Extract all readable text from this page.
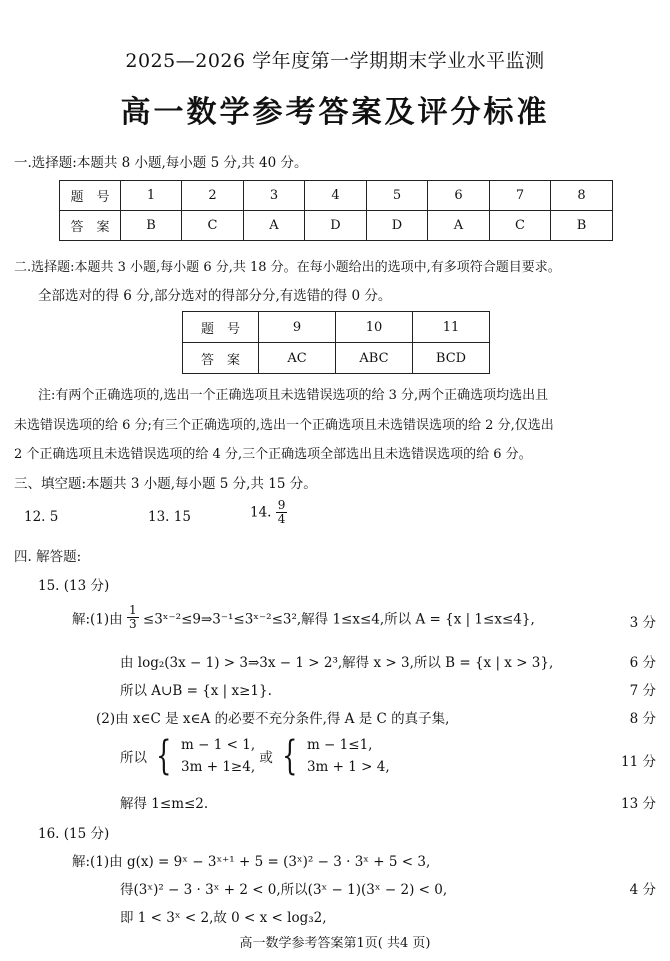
2025—2026 学年度第一学期期末学业水平监测
高一数学参考答案及评分标准
一.选择题:本题共 8 小题,每小题 5 分,共 40 分。
题　号	1	2	3	4	5	6	7	8
答　案	B	C	A	D	D	A	C	B
二.选择题:本题共 3 小题,每小题 6 分,共 18 分。在每小题给出的选项中,有多项符合题目要求。
全部选对的得 6 分,部分选对的得部分分,有选错的得 0 分。
题　号	9	10	11
答　案	AC	ABC	BCD
注:有两个正确选项的,选出一个正确选项且未选错误选项的给 3 分,两个正确选项均选出且
未选错误选项的给 6 分;有三个正确选项的,选出一个正确选项且未选错误选项的给 2 分,仅选出
2 个正确选项且未选错误选项的给 4 分,三个正确选项全部选出且未选错误选项的给 6 分。
三、填空题:本题共 3 小题,每小题 5 分,共 15 分。
12. 5	13. 15	14. $\frac{9}{4}$
四. 解答题:
15. (13 分)
解:(1)由 $\frac{1}{3}$ ≤3ˣ⁻²≤9⇒3⁻¹≤3ˣ⁻²≤3²,解得 1≤x≤4,所以 A = {x | 1≤x≤4},	3 分
由 log₂(3x − 1) > 3⇒3x − 1 > 2³,解得 x > 3,所以 B = {x | x > 3},	6 分
所以 A∪B = {x | x≥1}.	7 分
(2)由 x∈C 是 x∈A 的必要不充分条件,得 A 是 C 的真子集,	8 分
所以 { m − 1 < 1,
3m + 1≥4,
或 { m − 1≤1,
3m + 1 > 4,	11 分
解得 1≤m≤2.	13 分
16. (15 分)
解:(1)由 g(x) = 9ˣ − 3ˣ⁺¹ + 5 = (3ˣ)² − 3 · 3ˣ + 5 < 3,
得(3ˣ)² − 3 · 3ˣ + 2 < 0,所以(3ˣ − 1)(3ˣ − 2) < 0,	4 分
即 1 < 3ˣ < 2,故 0 < x < log₃2,
高一数学参考答案第1页( 共4 页)
